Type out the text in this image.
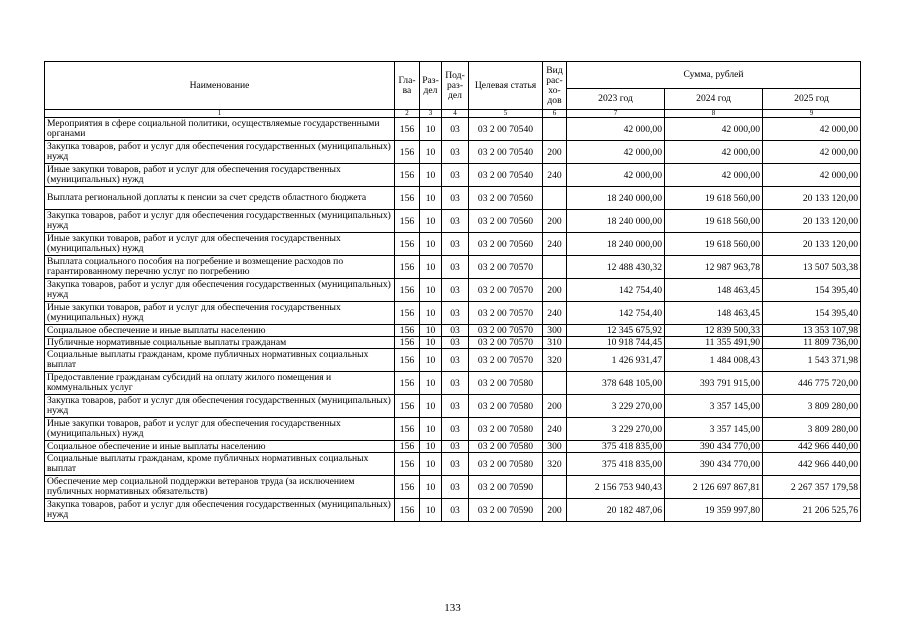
Наименование	Гла-ва	Раз-дел	Под-раз-дел	Целевая статья	Вид рас-хо-дов	Сумма, рублей		
						2023 год	2024 год	2025 год
1	2	3	4	5	6	7	8	9
Мероприятия в сфере социальной политики, осуществляемые государственными органами	156	10	03	03 2 00 70540		42 000,00	42 000,00	42 000,00
Закупка товаров, работ и услуг для обеспечения государственных (муниципальных) нужд	156	10	03	03 2 00 70540	200	42 000,00	42 000,00	42 000,00
Иные закупки товаров, работ и услуг для обеспечения государственных (муниципальных) нужд	156	10	03	03 2 00 70540	240	42 000,00	42 000,00	42 000,00
Выплата региональной доплаты к пенсии за счет средств областного бюджета	156	10	03	03 2 00 70560		18 240 000,00	19 618 560,00	20 133 120,00
Закупка товаров, работ и услуг для обеспечения государственных (муниципальных) нужд	156	10	03	03 2 00 70560	200	18 240 000,00	19 618 560,00	20 133 120,00
Иные закупки товаров, работ и услуг для обеспечения государственных (муниципальных) нужд	156	10	03	03 2 00 70560	240	18 240 000,00	19 618 560,00	20 133 120,00
Выплата социального пособия на погребение и возмещение расходов по гарантированному перечню услуг по погребению	156	10	03	03 2 00 70570		12 488 430,32	12 987 963,78	13 507 503,38
Закупка товаров, работ и услуг для обеспечения государственных (муниципальных) нужд	156	10	03	03 2 00 70570	200	142 754,40	148 463,45	154 395,40
Иные закупки товаров, работ и услуг для обеспечения государственных (муниципальных) нужд	156	10	03	03 2 00 70570	240	142 754,40	148 463,45	154 395,40
Социальное обеспечение и иные выплаты населению	156	10	03	03 2 00 70570	300	12 345 675,92	12 839 500,33	13 353 107,98
Публичные нормативные социальные выплаты гражданам	156	10	03	03 2 00 70570	310	10 918 744,45	11 355 491,90	11 809 736,00
Социальные выплаты гражданам, кроме публичных нормативных социальных выплат	156	10	03	03 2 00 70570	320	1 426 931,47	1 484 008,43	1 543 371,98
Предоставление гражданам субсидий на оплату жилого помещения и коммунальных услуг	156	10	03	03 2 00 70580		378 648 105,00	393 791 915,00	446 775 720,00
Закупка товаров, работ и услуг для обеспечения государственных (муниципальных) нужд	156	10	03	03 2 00 70580	200	3 229 270,00	3 357 145,00	3 809 280,00
Иные закупки товаров, работ и услуг для обеспечения государственных (муниципальных) нужд	156	10	03	03 2 00 70580	240	3 229 270,00	3 357 145,00	3 809 280,00
Социальное обеспечение и иные выплаты населению	156	10	03	03 2 00 70580	300	375 418 835,00	390 434 770,00	442 966 440,00
Социальные выплаты гражданам, кроме публичных нормативных социальных выплат	156	10	03	03 2 00 70580	320	375 418 835,00	390 434 770,00	442 966 440,00
Обеспечение мер социальной поддержки ветеранов труда (за исключением публичных нормативных обязательств)	156	10	03	03 2 00 70590		2 156 753 940,43	2 126 697 867,81	2 267 357 179,58
Закупка товаров, работ и услуг для обеспечения государственных (муниципальных) нужд	156	10	03	03 2 00 70590	200	20 182 487,06	19 359 997,80	21 206 525,76
133
